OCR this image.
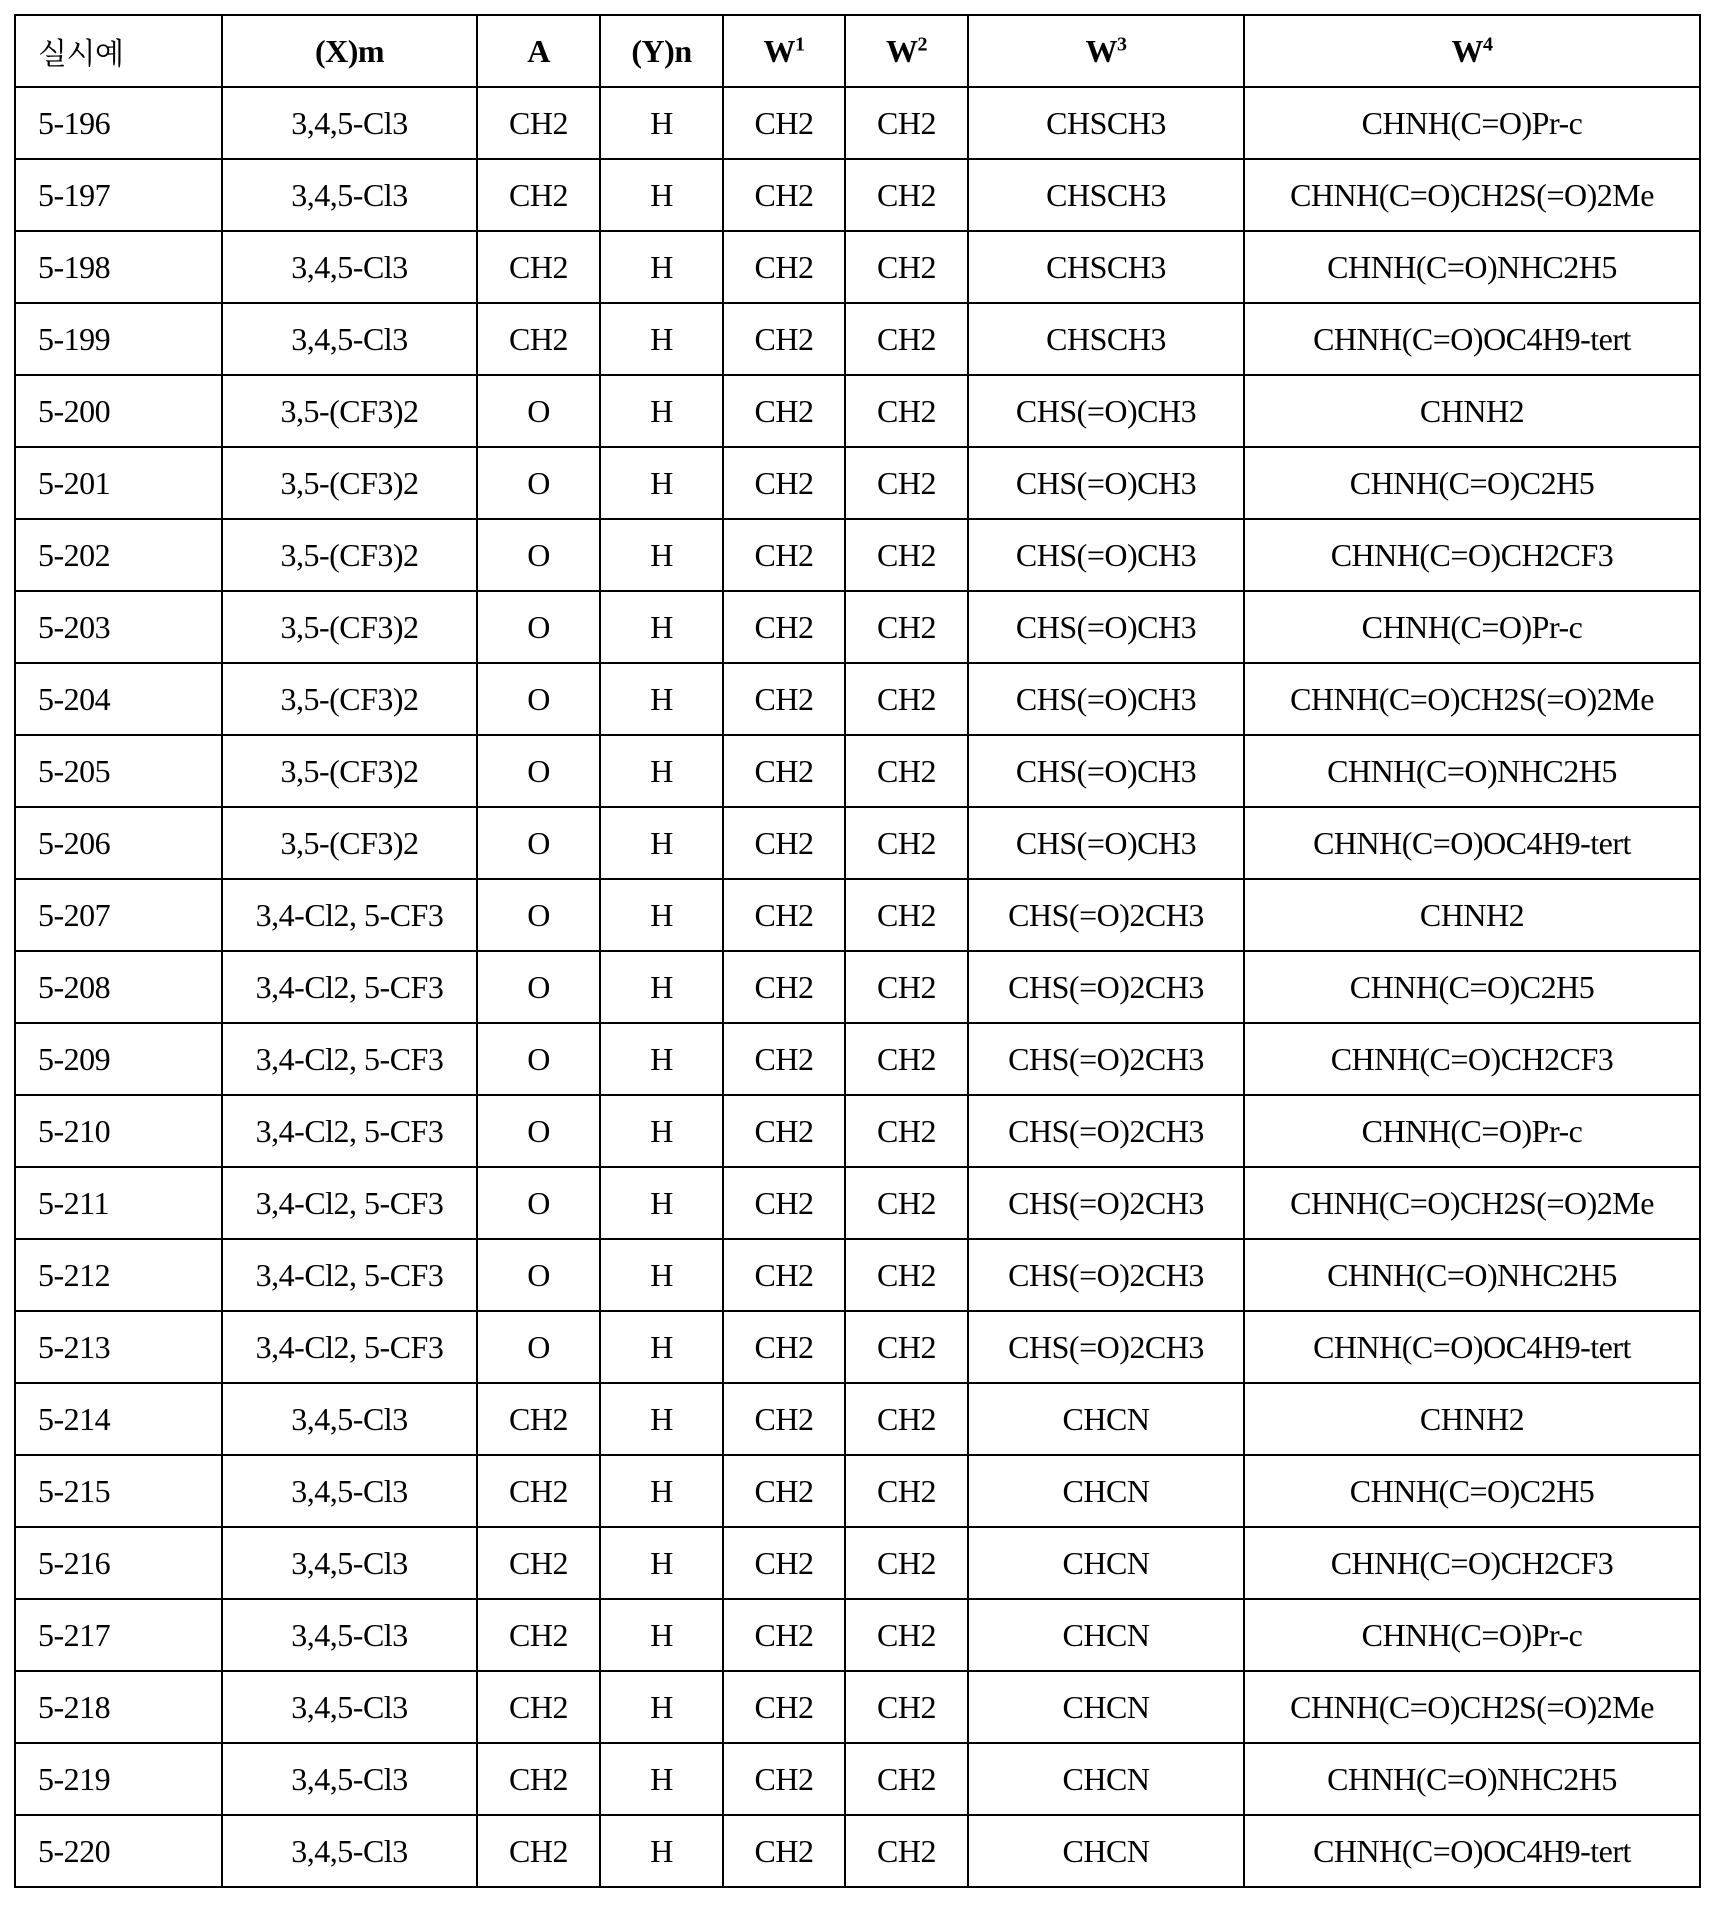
실시예	(X)m	A	(Y)n	$W^1$	$W^2$	$W^3$	$W^4$
5-196	3,4,5-Cl3	CH2	H	CH2	CH2	CHSCH3	CHNH(C=O)Pr-c
5-197	3,4,5-Cl3	CH2	H	CH2	CH2	CHSCH3	CHNH(C=O)CH2S(=O)2Me
5-198	3,4,5-Cl3	CH2	H	CH2	CH2	CHSCH3	CHNH(C=O)NHC2H5
5-199	3,4,5-Cl3	CH2	H	CH2	CH2	CHSCH3	CHNH(C=O)OC4H9-tert
5-200	3,5-(CF3)2	O	H	CH2	CH2	CHS(=O)CH3	CHNH2
5-201	3,5-(CF3)2	O	H	CH2	CH2	CHS(=O)CH3	CHNH(C=O)C2H5
5-202	3,5-(CF3)2	O	H	CH2	CH2	CHS(=O)CH3	CHNH(C=O)CH2CF3
5-203	3,5-(CF3)2	O	H	CH2	CH2	CHS(=O)CH3	CHNH(C=O)Pr-c
5-204	3,5-(CF3)2	O	H	CH2	CH2	CHS(=O)CH3	CHNH(C=O)CH2S(=O)2Me
5-205	3,5-(CF3)2	O	H	CH2	CH2	CHS(=O)CH3	CHNH(C=O)NHC2H5
5-206	3,5-(CF3)2	O	H	CH2	CH2	CHS(=O)CH3	CHNH(C=O)OC4H9-tert
5-207	3,4-Cl2, 5-CF3	O	H	CH2	CH2	CHS(=O)2CH3	CHNH2
5-208	3,4-Cl2, 5-CF3	O	H	CH2	CH2	CHS(=O)2CH3	CHNH(C=O)C2H5
5-209	3,4-Cl2, 5-CF3	O	H	CH2	CH2	CHS(=O)2CH3	CHNH(C=O)CH2CF3
5-210	3,4-Cl2, 5-CF3	O	H	CH2	CH2	CHS(=O)2CH3	CHNH(C=O)Pr-c
5-211	3,4-Cl2, 5-CF3	O	H	CH2	CH2	CHS(=O)2CH3	CHNH(C=O)CH2S(=O)2Me
5-212	3,4-Cl2, 5-CF3	O	H	CH2	CH2	CHS(=O)2CH3	CHNH(C=O)NHC2H5
5-213	3,4-Cl2, 5-CF3	O	H	CH2	CH2	CHS(=O)2CH3	CHNH(C=O)OC4H9-tert
5-214	3,4,5-Cl3	CH2	H	CH2	CH2	CHCN	CHNH2
5-215	3,4,5-Cl3	CH2	H	CH2	CH2	CHCN	CHNH(C=O)C2H5
5-216	3,4,5-Cl3	CH2	H	CH2	CH2	CHCN	CHNH(C=O)CH2CF3
5-217	3,4,5-Cl3	CH2	H	CH2	CH2	CHCN	CHNH(C=O)Pr-c
5-218	3,4,5-Cl3	CH2	H	CH2	CH2	CHCN	CHNH(C=O)CH2S(=O)2Me
5-219	3,4,5-Cl3	CH2	H	CH2	CH2	CHCN	CHNH(C=O)NHC2H5
5-220	3,4,5-Cl3	CH2	H	CH2	CH2	CHCN	CHNH(C=O)OC4H9-tert
